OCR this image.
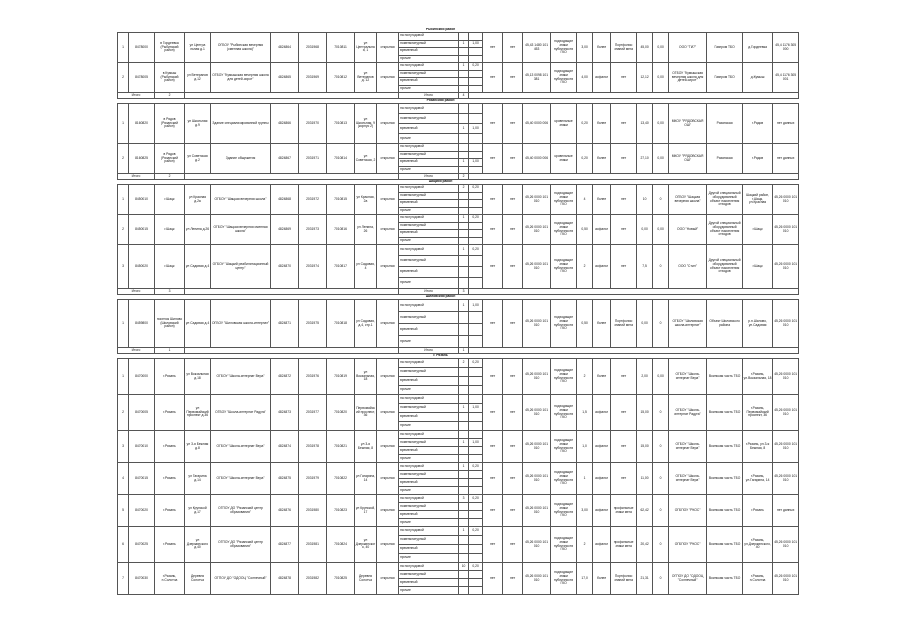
										Рыбинский район															
1	8478000	в Гордеевка (Рыбинский район)	ул Центра льная д.1	ОГБОУ "Рыбинская вечерняя (сменная школа)"	4824864	2031968	7010811	ул Центральная, 1	открытая	на полугодовой			нет	нет	45,43 1480 101 453	подходящие знаки публичности ГКО	3,00	более	Портфолио знаний мега	45,00	0,00	ООО "ТИ7"	Газпром ТБО	д.Гордеевка	45,4 1176 305 000
										номенклатурный	1	1,00													
										временный															
										прочие															
2	8478005	в Кумыш (Рыбинский район)	ул Ветеранов д.12	ОГБОУ "Кумышская вечерняя школа для детей-сирот"	4824865	2031969	7010812	ул Ветеранов д. 12	открытая	на полугодовой	1	0,20	нет	нет	45,13 0098 101 381	подходящие знаки публичности ГКО	4,00	асфальт	нет	12,12	0,00	ОГБОУ "Кумышская вечерняя школа для детей-сирот"	Газпром ТБО	д.Кумыш	45,4 1176 305 001
										номенклатурный															
										временный															
										прочие															
Итого		2								Итого	4														
										Рязанский район															
1	8160820	в Рядов (Рязанский район)	ул Школьная д.9	Здание специализированной группы	4824866	2031970	7010813	ул Школьная, 9 (корпус 2)	открытая	на полугодовой			нет	нет	45,40 0000 006	кровельные знаки	0,20	более	нет	13,40	0,00	МКОУ "РЯДОВСКАЯ ОШ"	Рязанская	г.Рядов	нет данных
										номенклатурный															
										временный	1	1,00													
										прочие															
2	8160825	в Рядов (Рязанский район)	ул Советская д.2	Здание общежития	4824867	2031971	7010814	ул Советская, 2	открытая	на полугодовой			нет	нет	45,40 0000 006	кровельные знаки	0,20	более	нет	27,10	0,00	МКОУ "РЯДОВСКАЯ ОШ"	Рязанская	г.Рядов	нет данных
										номенклатурный															
										временный	1	1,00													
										прочие															
Итого		2								Итого	2														
										Шацкий район															
1	8450010	г.Шацк	ул Красная д.2а	ОГБОУ "Шацкая вечерняя школа"	4824868	2031972	7010815	ул Красная, 2а	открытая	на полугодовой	2	0,20	нет	нет	45,26 0000 101 010	подходящие знаки публичности ГКО	4	более	нет	10	0	ОГБОУ "Шацкая вечерняя школа"	Другой специальный оборудованный объект накопления отходов	Шацкий район, г.Шацк, ул.Красная	45,26 0000 101 010
										номенклатурный															
										временный															
										прочие															
2	8450015	г.Шацк	ул Ленина д.26	ОГБОУ "Шацкая вечерняя сменная школа"	4824869	2031973	7010816	ул Ленина, 26	открытая	на полугодовой	1	0,20	нет	нет	45,26 0000 101 010	подходящие знаки публичности ГКО	0,50	асфальт	нет	0,00	0,00	ООО "Новый"	Другой специальный оборудованный объект накопления отходов	г.Шацк	45,26 0000 101 010
										номенклатурный															
										временный															
										прочие															
3	8450020	г.Шацк	ул Садовая д.4	ОГБОУ "Шацкий реабилитационный центр"	4824870	2031974	7010817	ул Садовая, 4	открытая	на полугодовой	1	0,20	нет	нет	45,26 0000 101 010	подходящие знаки публичности ГКО	2	асфальт	нет	7,5	0	ООО "Стил"	Другой специальный оборудованный объект накопления отходов	г.Шацк	45,26 0000 101 010
										номенклатурный															
										временный															
										прочие															
Итого		3								Итого	3														
										Шиловский район															
1	8459800	поселок Шилово (Шиловский район)	ул Садовая д.4	ОГБОУ "Шиловская школа-интернат"	4824871	2031975	7010818	ул Садовая, д.4, стр.1	открытая	на полугодовой	1	1,00	нет	нет	45,26 0000 101 010	подходящие знаки публичности ГКО	0,50	более	Портфолио знаний мега	0,00	0	ОГБОУ "Шиловская школа-интернат"	Объект Шиловского района	р.п.Шилово, ул.Садовая	45,26 0000 101 010
										номенклатурный															
										временный															
										прочие															
Итого		1								Итого	1														
										г. Рязань															
1	8470000	г.Рязань	ул Вокзальная д.18	ОГБОУ "Школа-интернат Вера"	4824872	2031976	7010819	ул Вокзальная, 18	открытая	на полугодовой	2	0,20	нет	нет	45,26 0000 101 010	подходящие знаки публичности ГКО	2	более	нет	2,00	0,00	ОГБОУ "Школа-интернат Вера"	Воинская часть ТБО	г.Рязань, ул.Вокзальная, 18	45,26 0000 101 010
										номенклатурный															
										временный															
										прочие															
2	8470005	г.Рязань	ул Первомайский проспект д.36	ОГБОУ "Школа-интернат Радуга"	4824873	2031977	7010820	Первомайский проспект, 36	открытая	на полугодовой			нет	нет	45,26 0000 101 010	подходящие знаки публичности ГКО	1,5	асфальт	нет	15,00	0	ОГБОУ "Школа-интернат Радуга"	Воинская часть ТБО	г.Рязань, Первомайский проспект, 36	45,26 0000 101 010
										номенклатурный	1	1,00													
										временный															
										прочие															
3	8470010	г.Рязань	ул 3-я Бежная д.8	ОГБОУ "Школа-интернат Вера"	4824874	2031978	7010821	ул 3-я Бежная, 8	открытая	на полугодовой			нет	нет	45,26 0000 101 010	подходящие знаки публичности ГКО	1,0	асфальт	нет	15,00	0	ОГБОУ "Школа-интернат Вера"	Воинская часть ТБО	г.Рязань, ул.3-я Бежная, 8	45,26 0000 101 010
										номенклатурный	1	1,00													
										временный															
										прочие															
4	8470015	г.Рязань	ул Гагарина д.14	ОГБОУ "Школа-интернат Вера"	4824875	2031979	7010822	ул Гагарина, 14	открытая	на полугодовой	1	0,20	нет	нет	45,26 0000 101 010	подходящие знаки публичности ГКО	1	асфальт	нет	11,00	0	ОГБОУ "Школа-интернат Вера"	Воинская часть ТБО	г.Рязань, ул.Гагарина, 14	45,26 0000 101 010
										номенклатурный															
										временный															
										прочие															
5	8470020	г.Рязань	ул Крупской д.17	ОГПОУ ДО "Рязанский центр образования"	4824876	2031980	7010823	ул Крупской, 17	открытая	на полугодовой	3	0,20	нет	нет	45,26 0000 101 010	подходящие знаки публичности ГКО	3,00	асфальт	профильные знаки мега	62,42	0	ОГБПОУ "РКОС"	Воинская часть ТБО	г.Рязань	нет данных
										номенклатурный															
										временный															
										прочие															
6	8470025	г.Рязань	ул Дзержинского д.40	ОГПОУ ДО "Рязанский центр образования"	4824877	2031981	7010824	ул Дзержинского, 40	открытая	на полугодовой	1	0,20	нет	нет	45,26 0000 101 010	подходящие знаки публичности ГКО	2	асфальт	профильные знаки мега	20,42	0	ОГБПОУ "РКОС"	Воинская часть ТБО	г.Рязань, ул.Дзержинского, 40	45,26 0000 101 010
										номенклатурный															
										временный															
										прочие															
7	8470030	г.Рязань, п.Солотча	Деревня Солотча	ОГПОУ ДО "ОДООЦ "Солнечный"	4824878	2031982	7010825	Деревня Солотча	открытая	на полугодовой	10	0,20	нет	нет	45,26 0000 101 010	подходящие знаки публичности ГКО	17,0	более	Портфолио знаний мега	21,31	0	ОГПОУ ДО "ОДООЦ "Солнечный"	Воинская часть ТБО	г.Рязань, п.Солотча	45,26 0000 101 010
										номенклатурный															
										временный															
										прочие															
